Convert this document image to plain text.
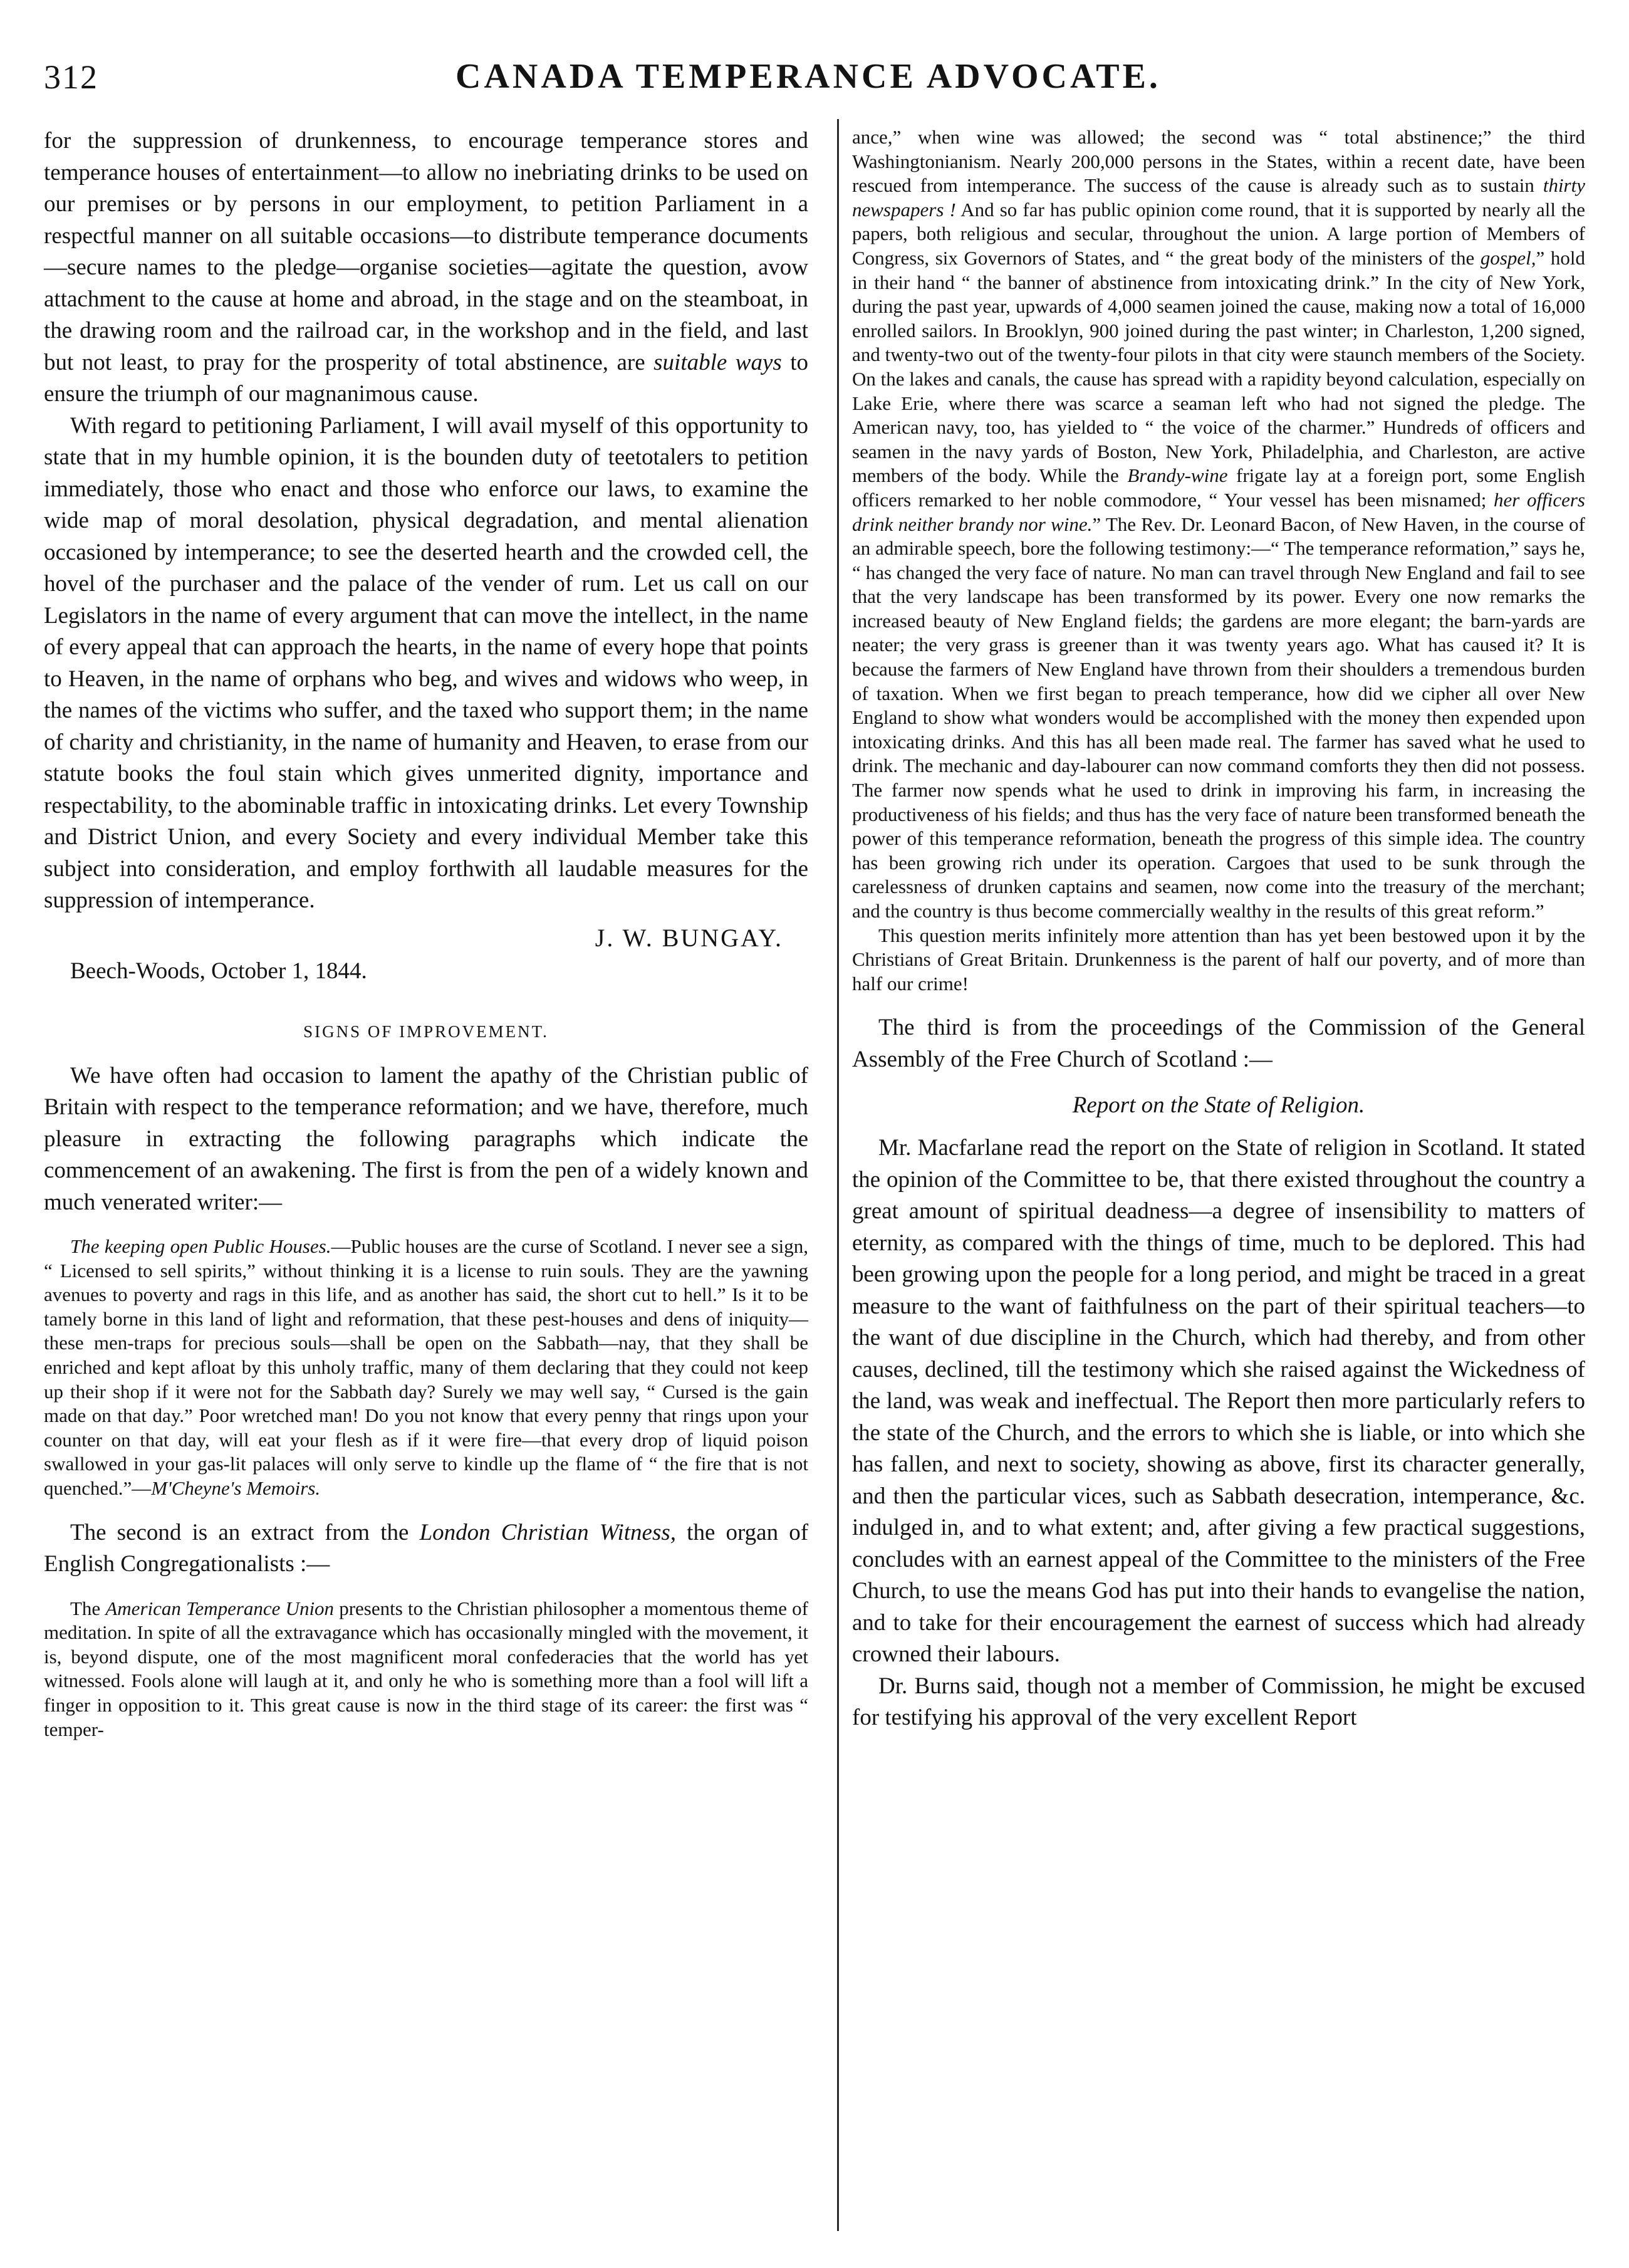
312	CANADA TEMPERANCE ADVOCATE.

for the suppression of drunkenness, to encourage temperance stores and temperance houses of entertainment—to allow no inebriating drinks to be used on our premises or by persons in our employment, to petition Parliament in a respectful manner on all suitable occasions—to distribute temperance documents—secure names to the pledge—organise societies—agitate the question, avow attachment to the cause at home and abroad, in the stage and on the steamboat, in the drawing room and the railroad car, in the workshop and in the field, and last but not least, to pray for the prosperity of total abstinence, are suitable ways to ensure the triumph of our magnanimous cause.

With regard to petitioning Parliament, I will avail myself of this opportunity to state that in my humble opinion, it is the bounden duty of teetotalers to petition immediately, those who enact and those who enforce our laws, to examine the wide map of moral desolation, physical degradation, and mental alienation occasioned by intemperance; to see the deserted hearth and the crowded cell, the hovel of the purchaser and the palace of the vender of rum. Let us call on our Legislators in the name of every argument that can move the intellect, in the name of every appeal that can approach the hearts, in the name of every hope that points to Heaven, in the name of orphans who beg, and wives and widows who weep, in the names of the victims who suffer, and the taxed who support them; in the name of charity and christianity, in the name of humanity and Heaven, to erase from our statute books the foul stain which gives unmerited dignity, importance and respectability, to the abominable traffic in intoxicating drinks. Let every Township and District Union, and every Society and every individual Member take this subject into consideration, and employ forthwith all laudable measures for the suppression of intemperance.

J. W. BUNGAY.

Beech-Woods, October 1, 1844.

SIGNS OF IMPROVEMENT.

We have often had occasion to lament the apathy of the Christian public of Britain with respect to the temperance reformation; and we have, therefore, much pleasure in extracting the following paragraphs which indicate the commencement of an awakening. The first is from the pen of a widely known and much venerated writer:—

The keeping open Public Houses.—Public houses are the curse of Scotland. I never see a sign, “ Licensed to sell spirits,” without thinking it is a license to ruin souls. They are the yawning avenues to poverty and rags in this life, and as another has said, the short cut to hell.” Is it to be tamely borne in this land of light and reformation, that these pest-houses and dens of iniquity—these men-traps for precious souls—shall be open on the Sabbath—nay, that they shall be enriched and kept afloat by this unholy traffic, many of them declaring that they could not keep up their shop if it were not for the Sabbath day? Surely we may well say, “ Cursed is the gain made on that day.” Poor wretched man! Do you not know that every penny that rings upon your counter on that day, will eat your flesh as if it were fire—that every drop of liquid poison swallowed in your gas-lit palaces will only serve to kindle up the flame of “ the fire that is not quenched.”—M'Cheyne's Memoirs.

The second is an extract from the London Christian Witness, the organ of English Congregationalists :—

The American Temperance Union presents to the Christian philosopher a momentous theme of meditation. In spite of all the extravagance which has occasionally mingled with the movement, it is, beyond dispute, one of the most magnificent moral confederacies that the world has yet witnessed. Fools alone will laugh at it, and only he who is something more than a fool will lift a finger in opposition to it. This great cause is now in the third stage of its career: the first was “ temper-

ance,” when wine was allowed; the second was “ total abstinence;” the third Washingtonianism. Nearly 200,000 persons in the States, within a recent date, have been rescued from intemperance. The success of the cause is already such as to sustain thirty newspapers ! And so far has public opinion come round, that it is supported by nearly all the papers, both religious and secular, throughout the union. A large portion of Members of Congress, six Governors of States, and “ the great body of the ministers of the gospel,” hold in their hand “ the banner of abstinence from intoxicating drink.” In the city of New York, during the past year, upwards of 4,000 seamen joined the cause, making now a total of 16,000 enrolled sailors. In Brooklyn, 900 joined during the past winter; in Charleston, 1,200 signed, and twenty-two out of the twenty-four pilots in that city were staunch members of the Society. On the lakes and canals, the cause has spread with a rapidity beyond calculation, especially on Lake Erie, where there was scarce a seaman left who had not signed the pledge. The American navy, too, has yielded to “ the voice of the charmer.” Hundreds of officers and seamen in the navy yards of Boston, New York, Philadelphia, and Charleston, are active members of the body. While the Brandy-wine frigate lay at a foreign port, some English officers remarked to her noble commodore, “ Your vessel has been misnamed; her officers drink neither brandy nor wine.” The Rev. Dr. Leonard Bacon, of New Haven, in the course of an admirable speech, bore the following testimony:—“ The temperance reformation,” says he, “ has changed the very face of nature. No man can travel through New England and fail to see that the very landscape has been transformed by its power. Every one now remarks the increased beauty of New England fields; the gardens are more elegant; the barn-yards are neater; the very grass is greener than it was twenty years ago. What has caused it? It is because the farmers of New England have thrown from their shoulders a tremendous burden of taxation. When we first began to preach temperance, how did we cipher all over New England to show what wonders would be accomplished with the money then expended upon intoxicating drinks. And this has all been made real. The farmer has saved what he used to drink. The mechanic and day-labourer can now command comforts they then did not possess. The farmer now spends what he used to drink in improving his farm, in increasing the productiveness of his fields; and thus has the very face of nature been transformed beneath the power of this temperance reformation, beneath the progress of this simple idea. The country has been growing rich under its operation. Cargoes that used to be sunk through the carelessness of drunken captains and seamen, now come into the treasury of the merchant; and the country is thus become commercially wealthy in the results of this great reform.”

This question merits infinitely more attention than has yet been bestowed upon it by the Christians of Great Britain. Drunkenness is the parent of half our poverty, and of more than half our crime!

The third is from the proceedings of the Commission of the General Assembly of the Free Church of Scotland :—

Report on the State of Religion.

Mr. Macfarlane read the report on the State of religion in Scotland. It stated the opinion of the Committee to be, that there existed throughout the country a great amount of spiritual deadness—a degree of insensibility to matters of eternity, as compared with the things of time, much to be deplored. This had been growing upon the people for a long period, and might be traced in a great measure to the want of faithfulness on the part of their spiritual teachers—to the want of due discipline in the Church, which had thereby, and from other causes, declined, till the testimony which she raised against the Wickedness of the land, was weak and ineffectual. The Report then more particularly refers to the state of the Church, and the errors to which she is liable, or into which she has fallen, and next to society, showing as above, first its character generally, and then the particular vices, such as Sabbath desecration, intemperance, &c. indulged in, and to what extent; and, after giving a few practical suggestions, concludes with an earnest appeal of the Committee to the ministers of the Free Church, to use the means God has put into their hands to evangelise the nation, and to take for their encouragement the earnest of success which had already crowned their labours.

Dr. Burns said, though not a member of Commission, he might be excused for testifying his approval of the very excellent Report
